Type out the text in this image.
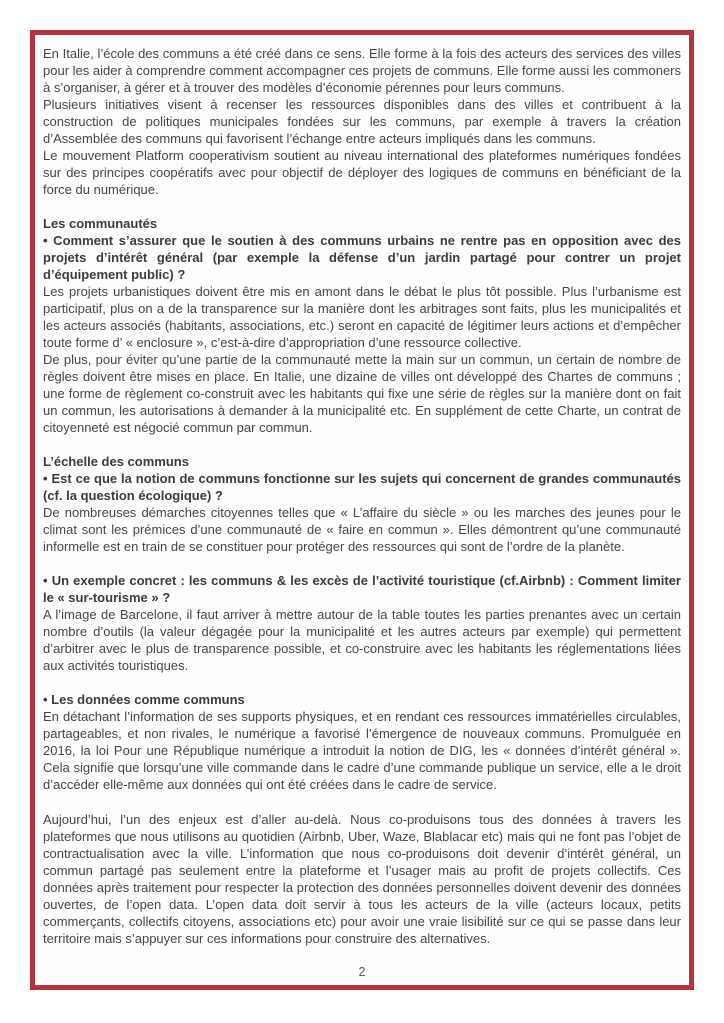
En Italie, l’école des communs a été créé dans ce sens. Elle forme à la fois des acteurs des services des villes pour les aider à comprendre comment accompagner ces projets de communs. Elle forme aussi les commoners à s’organiser, à gérer et à trouver des modèles d’économie pérennes pour leurs communs.

Plusieurs initiatives visent à recenser les ressources disponibles dans des villes et contribuent à la construction de politiques municipales fondées sur les communs, par exemple à travers la création d’Assemblée des communs qui favorisent l’échange entre acteurs impliqués dans les communs.

Le mouvement Platform cooperativism soutient au niveau international des plateformes numériques fondées sur des principes coopératifs avec pour objectif de déployer des logiques de communs en bénéficiant de la force du numérique.

Les communautés

• Comment s’assurer que le soutien à des communs urbains ne rentre pas en opposition avec des projets d’intérêt général (par exemple la défense d’un jardin partagé pour contrer un projet d’équipement public) ?

Les projets urbanistiques doivent être mis en amont dans le débat le plus tôt possible. Plus l’urbanisme est participatif, plus on a de la transparence sur la manière dont les arbitrages sont faits, plus les municipalités et les acteurs associés (habitants, associations, etc.) seront en capacité de légitimer leurs actions et d’empêcher toute forme d’ « enclosure », c’est-à-dire d’appropriation d’une ressource collective.

De plus, pour éviter qu’une partie de la communauté mette la main sur un commun, un certain de nombre de règles doivent être mises en place. En Italie, une dizaine de villes ont développé des Chartes de communs ; une forme de règlement co-construit avec les habitants qui fixe une série de règles sur la manière dont on fait un commun, les autorisations à demander à la municipalité etc. En supplément de cette Charte, un contrat de citoyenneté est négocié commun par commun.

L’échelle des communs

• Est ce que la notion de communs fonctionne sur les sujets qui concernent de grandes communautés (cf. la question écologique) ?

De nombreuses démarches citoyennes telles que « L’affaire du siècle » ou les marches des jeunes pour le climat sont les prémices d’une communauté de « faire en commun ». Elles démontrent qu’une communauté informelle est en train de se constituer pour protéger des ressources qui sont de l’ordre de la planète.

• Un exemple concret : les communs & les excès de l’activité touristique (cf.Airbnb) : Comment limiter le « sur-tourisme » ?

A l’image de Barcelone, il faut arriver à mettre autour de la table toutes les parties prenantes avec un certain nombre d’outils (la valeur dégagée pour la municipalité et les autres acteurs par exemple) qui permettent d’arbitrer avec le plus de transparence possible, et co-construire avec les habitants les réglementations liées aux activités touristiques.

• Les données comme communs

En détachant l’information de ses supports physiques, et en rendant ces ressources immatérielles circulables, partageables, et non rivales, le numérique a favorisé l’émergence de nouveaux communs. Promulguée en 2016, la loi Pour une République numérique a introduit la notion de DIG, les « données d’intérêt général ». Cela signifie que lorsqu’une ville commande dans le cadre d’une commande publique un service, elle a le droit d’accéder elle-même aux données qui ont été créées dans le cadre de service.

Aujourd’hui, l’un des enjeux est d’aller au-delà. Nous co-produisons tous des données à travers les plateformes que nous utilisons au quotidien (Airbnb, Uber, Waze, Blablacar etc) mais qui ne font pas l’objet de contractualisation avec la ville. L’information que nous co-produisons doit devenir d’intérêt général, un commun partagé pas seulement entre la plateforme et l’usager mais au profit de projets collectifs. Ces données après traitement pour respecter la protection des données personnelles doivent devenir des données ouvertes, de l’open data. L’open data doit servir à tous les acteurs de la ville (acteurs locaux, petits commerçants, collectifs citoyens, associations etc) pour avoir une vraie lisibilité sur ce qui se passe dans leur territoire mais s’appuyer sur ces informations pour construire des alternatives.

2
